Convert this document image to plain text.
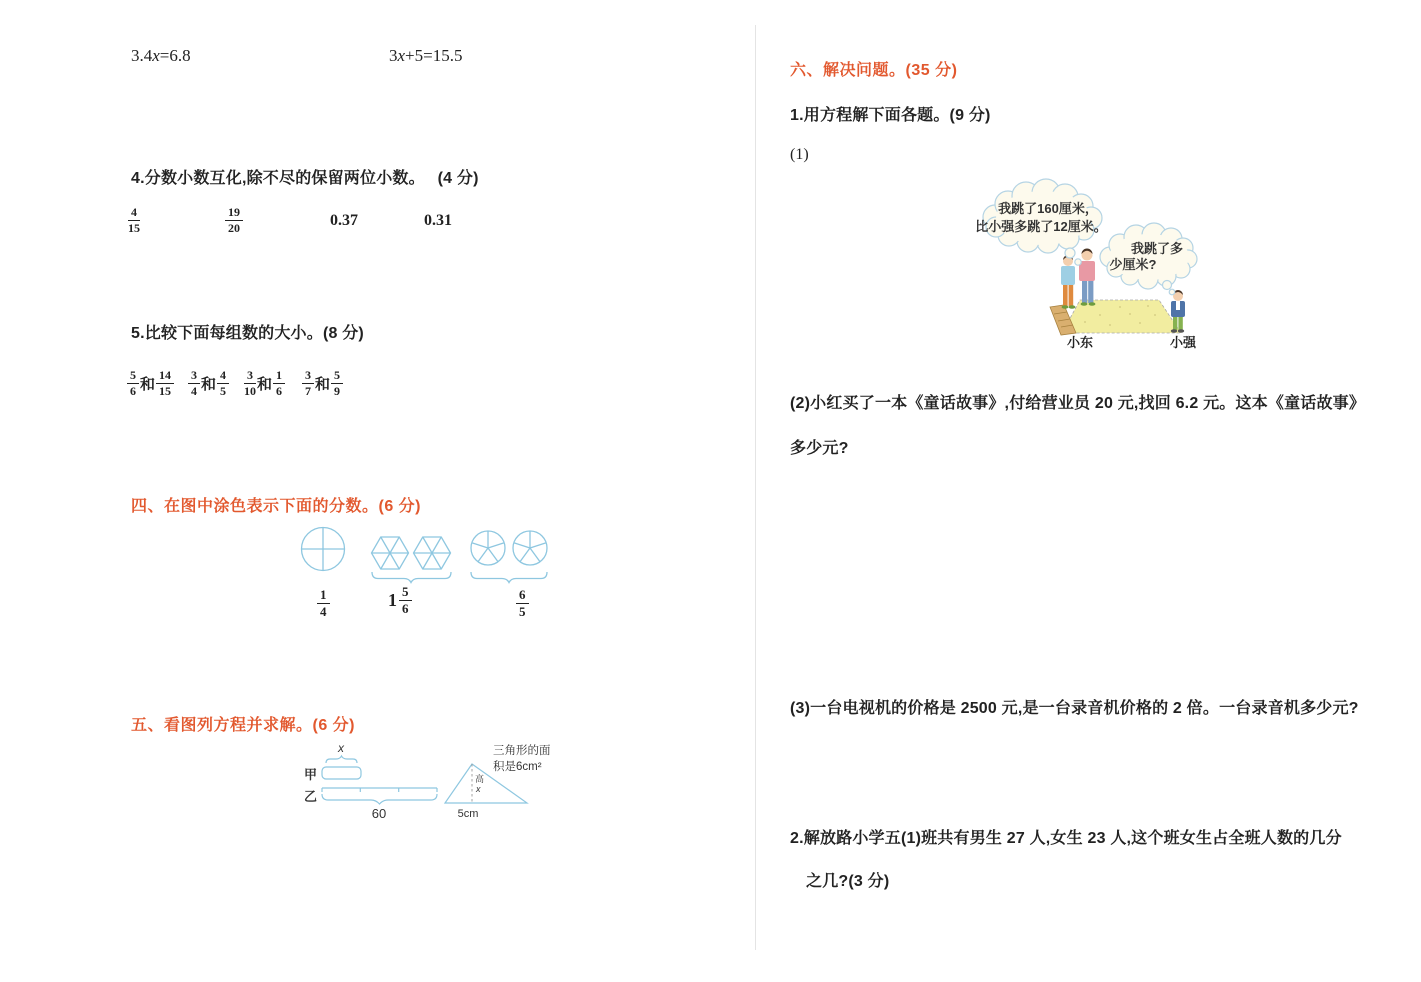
3.4x=6.8	3x+5=15.5
4.分数小数互化,除不尽的保留两位小数。　 (4 分)
$\frac{4}{15}$	$\frac{19}{20}$	0.37	0.31
5.比较下面每组数的大小。(8 分)
$\frac{5}{6}$ 和 $\frac{14}{15} \frac{3}{4}$ 和 $\frac{4}{5} \frac{3}{10}$ 和 $\frac{1}{6} \frac{3}{7}$ 和 $\frac{5}{9}$
四、在图中涂色表示下面的分数。(6 分)
$\frac{1}{4}$	$1 \frac{5}{6}$	$\frac{6}{5}$
五、看图列方程并求解。(6 分)
x
甲
乙
60
高
x
5cm
三角形的面
积是6cm²
六、解决问题。(35 分)
1.用方程解下面各题。(9 分)
(1)
我跳了160厘米，
比小强多跳了12厘米。
我跳了多
少厘米?
小东	小强
(2)小红买了一本《童话故事》,付给营业员 20 元,找回 6.2 元。这本《童话故事》
多少元?
(3)一台电视机的价格是 2500 元,是一台录音机价格的 2 倍。一台录音机多少元?
2.解放路小学五(1)班共有男生 27 人,女生 23 人,这个班女生占全班人数的几分
之几?(3 分)
